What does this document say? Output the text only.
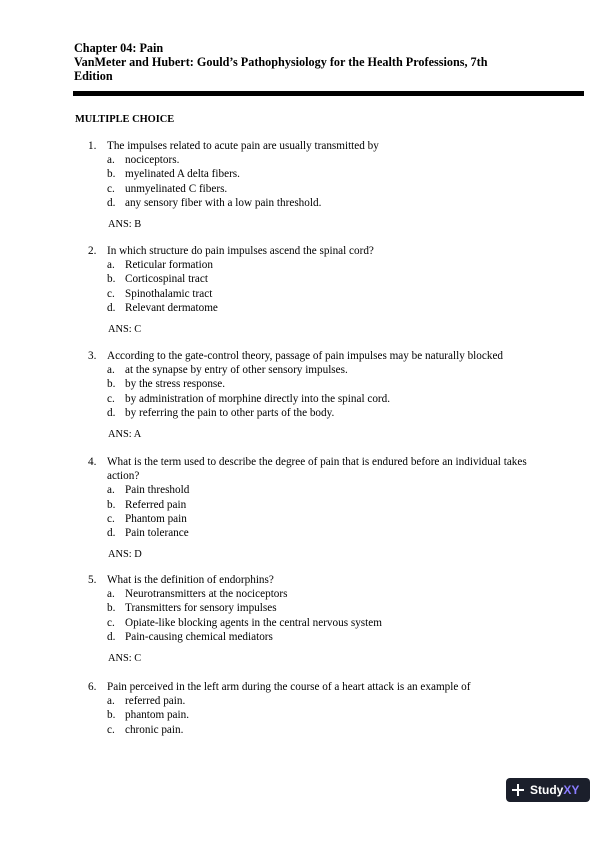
Chapter 04: Pain
VanMeter and Hubert: Gould’s Pathophysiology for the Health Professions, 7th
Edition
MULTIPLE CHOICE
1. The impulses related to acute pain are usually transmitted by
a. nociceptors.
b. myelinated A delta fibers.
c. unmyelinated C fibers.
d. any sensory fiber with a low pain threshold.
ANS: B
2. In which structure do pain impulses ascend the spinal cord?
a. Reticular formation
b. Corticospinal tract
c. Spinothalamic tract
d. Relevant dermatome
ANS: C
3. According to the gate-control theory, passage of pain impulses may be naturally blocked
a. at the synapse by entry of other sensory impulses.
b. by the stress response.
c. by administration of morphine directly into the spinal cord.
d. by referring the pain to other parts of the body.
ANS: A
4. What is the term used to describe the degree of pain that is endured before an individual takes action?
a. Pain threshold
b. Referred pain
c. Phantom pain
d. Pain tolerance
ANS: D
5. What is the definition of endorphins?
a. Neurotransmitters at the nociceptors
b. Transmitters for sensory impulses
c. Opiate-like blocking agents in the central nervous system
d. Pain-causing chemical mediators
ANS: C
6. Pain perceived in the left arm during the course of a heart attack is an example of
a. referred pain.
b. phantom pain.
c. chronic pain.
StudyXY
